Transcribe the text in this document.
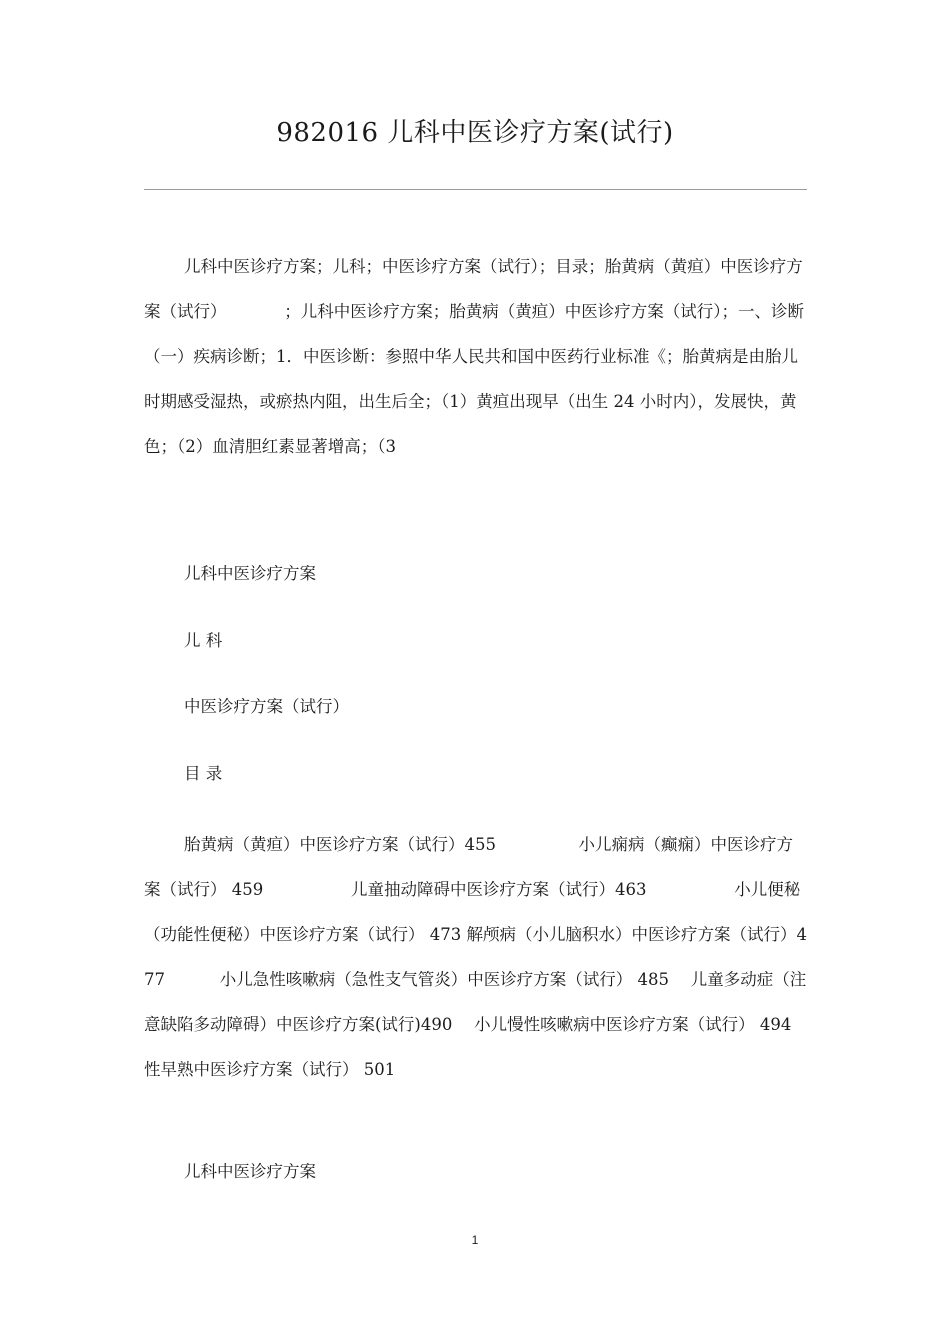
982016 儿科中医诊疗方案(试行)

儿科中医诊疗方案；儿科；中医诊疗方案（试行）；目录；胎黄病（黄疸）中医诊疗方案（试行）　　　　；儿科中医诊疗方案；胎黄病（黄疸）中医诊疗方案（试行）；一、诊断（一）疾病诊断；1．中医诊断：参照中华人民共和国中医药行业标准《；胎黄病是由胎儿时期感受湿热，或瘀热内阻，出生后全；（1）黄疸出现早（出生 24 小时内），发展快，黄色；（2）血清胆红素显著增高；（3

儿科中医诊疗方案

儿 科

中医诊疗方案（试行）

目 录

胎黄病（黄疸）中医诊疗方案（试行）455　　　　　小儿痫病（癫痫）中医诊疗方案（试行） 459　　　　　 儿童抽动障碍中医诊疗方案（试行）463　　　　　 小儿便秘（功能性便秘）中医诊疗方案（试行） 473 解颅病（小儿脑积水）中医诊疗方案（试行）477　　　 小儿急性咳嗽病（急性支气管炎）中医诊疗方案（试行） 485　 儿童多动症（注意缺陷多动障碍）中医诊疗方案(试行)490　 小儿慢性咳嗽病中医诊疗方案（试行） 494 性早熟中医诊疗方案（试行） 501

儿科中医诊疗方案

1
